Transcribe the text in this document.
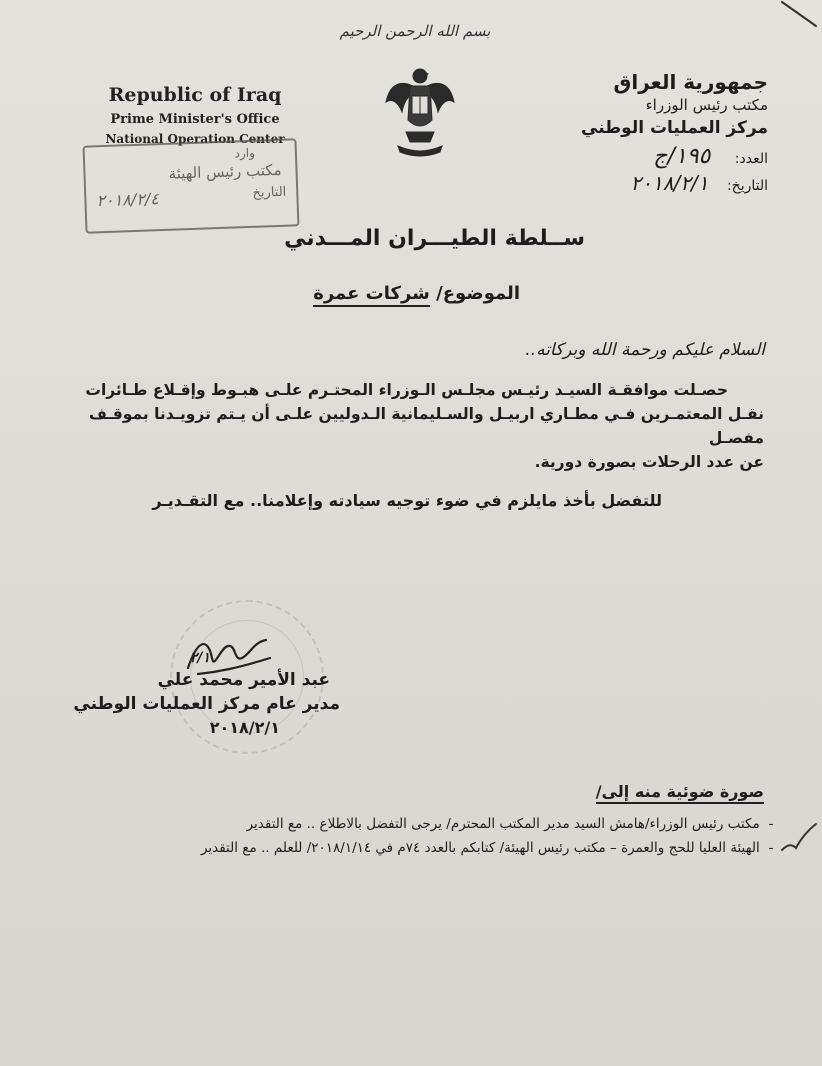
بسم الله الرحمن الرحيم
Republic of Iraq
Prime Minister's Office
National Operation Center
جمهورية العراق
مكتب رئيس الوزراء
مركز العمليات الوطني
العدد: ١٩٥/ج
التاريخ: ٢٠١٨/٢/١
وارد
مكتب رئيس الهيئة
التاريخ
٢٠١٨/٢/٤
ســلطة الطيـــران المـــدني
الموضوع/ شركات عمرة
السلام عليكم ورحمة الله وبركاته..
حصـلت موافقـة السيـد رئيـس مجلـس الـوزراء المحتـرم علـى هبـوط وإقـلاع طـائرات
نقـل المعتمـرين فـي مطـاري اربيـل والسـليمانية الـدوليين علـى أن يـتم تزويـدنا بموقـف مفصـل
عن عدد الرحلات بصورة دورية.
للتفضل بأخذ مايلزم في ضوء توجيه سيادته وإعلامنا.. مع التقـديـر
٢/١
عبد الأمير محمد علي
مدير عام مركز العمليات الوطني
٢٠١٨/٢/١
صورة ضوئية منه إلى/
- مكتب رئيس الوزراء/هامش السيد مدير المكتب المحترم/ يرجى التفضل بالاطلاع .. مع التقدير
- الهيئة العليا للحج والعمرة – مكتب رئيس الهيئة/ كتابكم بالعدد ٧٤م في ٢٠١٨/١/١٤/ للعلم .. مع التقدير
